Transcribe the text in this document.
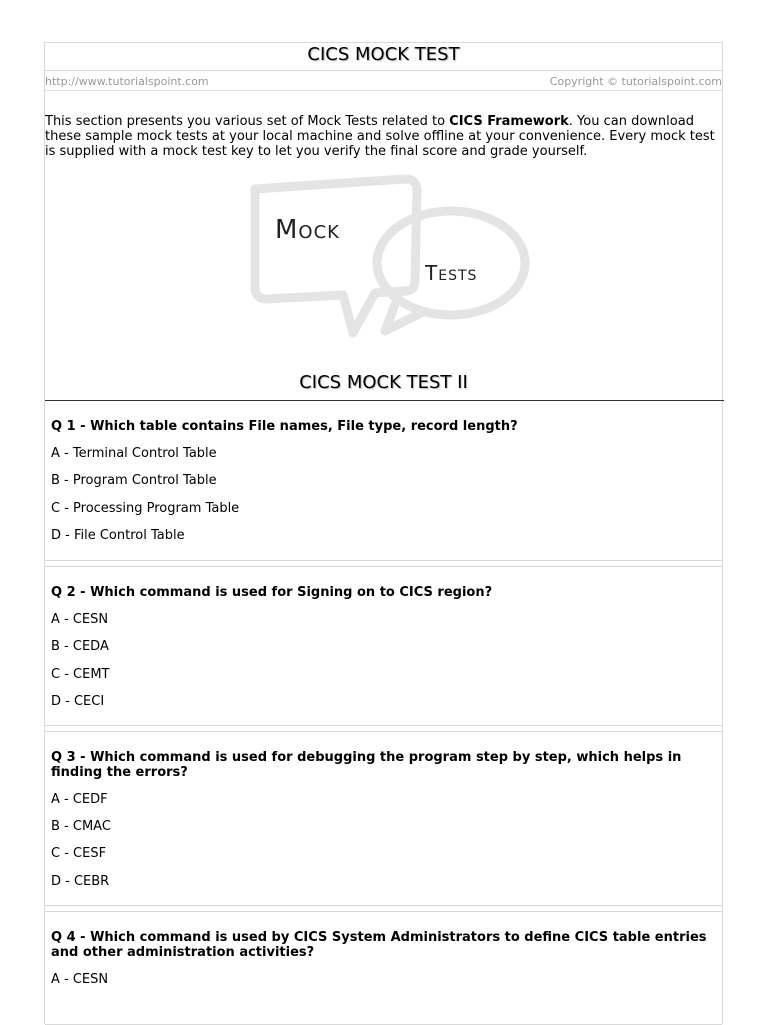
CICS MOCK TEST
http://www.tutorialspoint.com	Copyright © tutorialspoint.com
This section presents you various set of Mock Tests related to CICS Framework. You can download these sample mock tests at your local machine and solve offline at your convenience. Every mock test is supplied with a mock test key to let you verify the final score and grade yourself.
Mock
Tests
CICS MOCK TEST II
Q 1 - Which table contains File names, File type, record length?
A - Terminal Control Table
B - Program Control Table
C - Processing Program Table
D - File Control Table
Q 2 - Which command is used for Signing on to CICS region?
A - CESN
B - CEDA
C - CEMT
D - CECI
Q 3 - Which command is used for debugging the program step by step, which helps in finding the errors?
A - CEDF
B - CMAC
C - CESF
D - CEBR
Q 4 - Which command is used by CICS System Administrators to define CICS table entries and other administration activities?
A - CESN
